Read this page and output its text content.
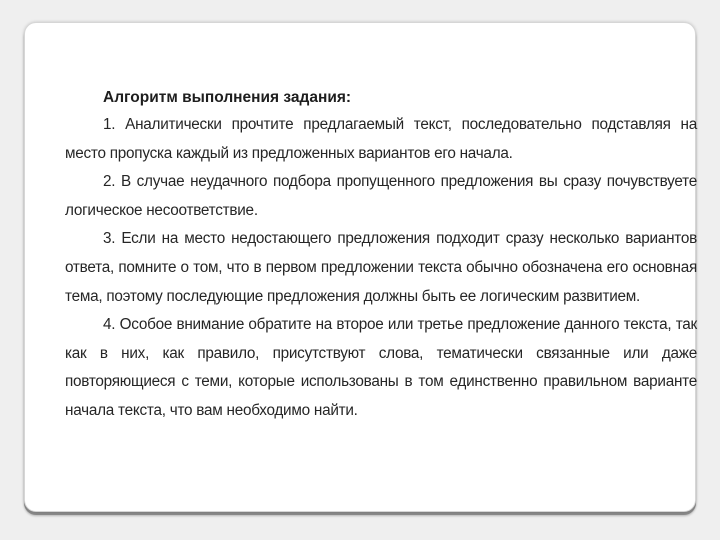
Алгоритм выполнения задания:

1. Аналитически прочтите предлагаемый текст, последовательно подставляя на место пропуска каждый из предложенных вариантов его начала.

2. В случае неудачного подбора пропущенного предложения вы сразу почувствуете логическое несоответствие.

3. Если на место недостающего предложения подходит сразу несколько вариантов ответа, помните о том, что в первом предложении текста обычно обозначена его основная тема, поэтому последующие предложения должны быть ее логическим развитием.

4. Особое внимание обратите на второе или третье предложение данного текста, так как в них, как правило, присутствуют слова, тематически связанные или даже повторяющиеся с теми, которые использованы в том единственно правильном варианте начала текста, что вам необходимо найти.
